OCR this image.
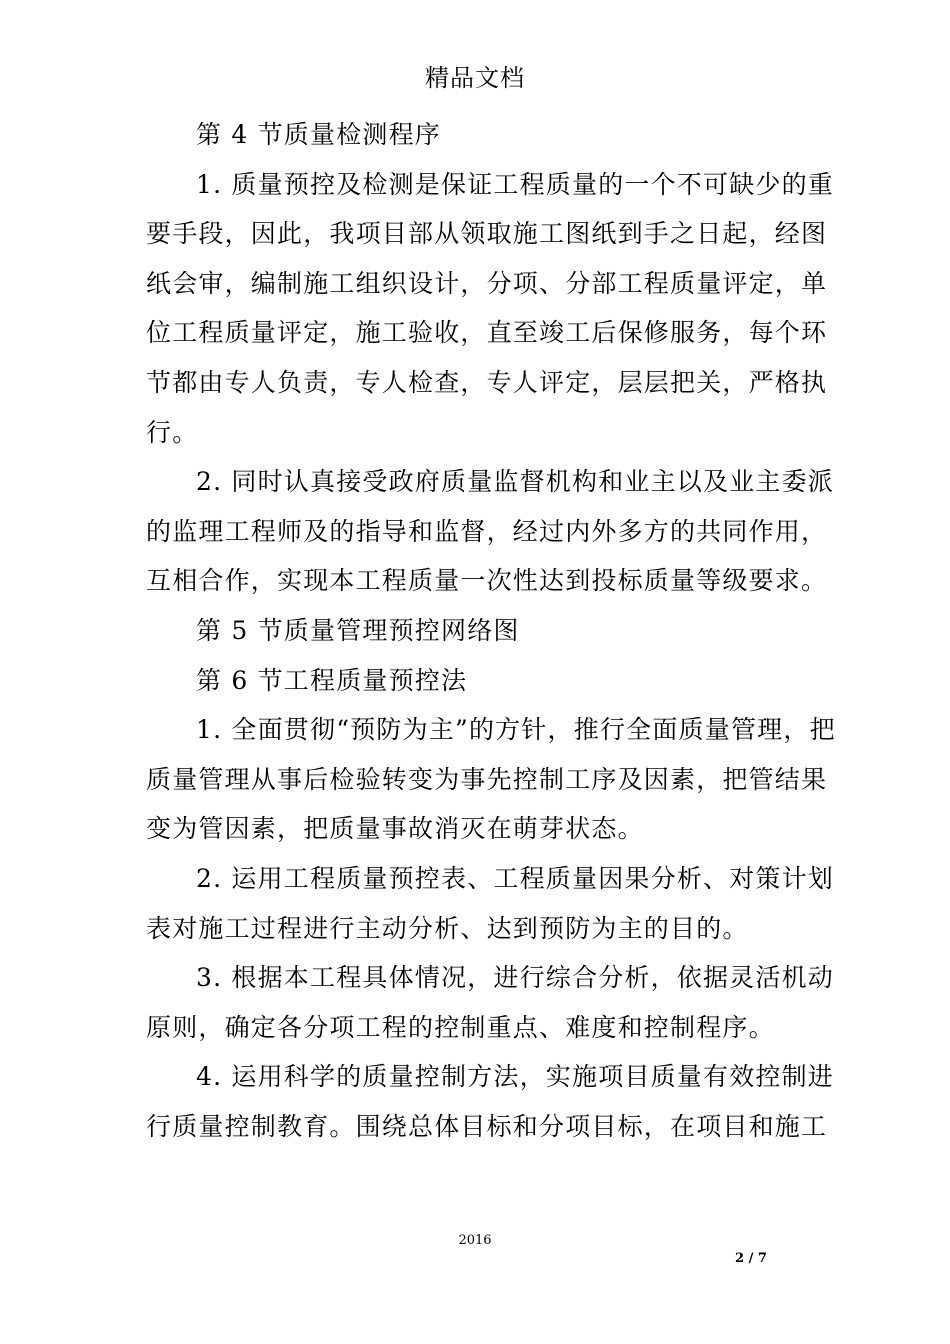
精品文档

第 4 节质量检测程序

1. 质量预控及检测是保证工程质量的一个不可缺少的重要手段，因此，我项目部从领取施工图纸到手之日起，经图纸会审，编制施工组织设计，分项、分部工程质量评定，单位工程质量评定，施工验收，直至竣工后保修服务，每个环节都由专人负责，专人检查，专人评定，层层把关，严格执行。

2. 同时认真接受政府质量监督机构和业主以及业主委派的监理工程师及的指导和监督，经过内外多方的共同作用，互相合作，实现本工程质量一次性达到投标质量等级要求。

第 5 节质量管理预控网络图

第 6 节工程质量预控法

1. 全面贯彻“预防为主”的方针，推行全面质量管理，把质量管理从事后检验转变为事先控制工序及因素，把管结果变为管因素，把质量事故消灭在萌芽状态。

2. 运用工程质量预控表、工程质量因果分析、对策计划表对施工过程进行主动分析、达到预防为主的目的。

3. 根据本工程具体情况，进行综合分析，依据灵活机动原则，确定各分项工程的控制重点、难度和控制程序。

4. 运用科学的质量控制方法，实施项目质量有效控制进行质量控制教育。围绕总体目标和分项目标，在项目和施工

2016
2 / 7
